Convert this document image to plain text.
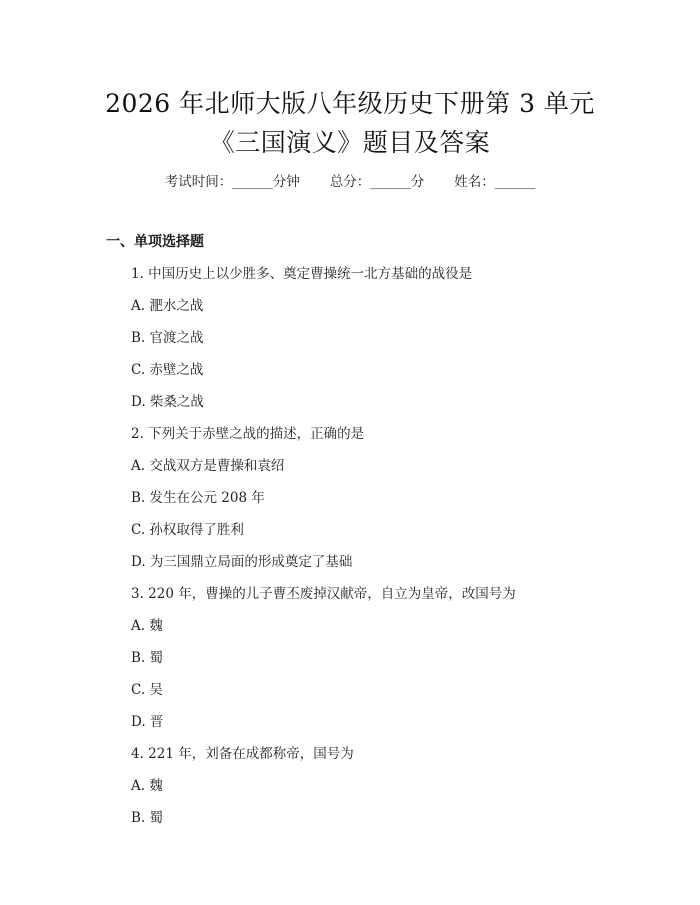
2026 年北师大版八年级历史下册第 3 单元
《三国演义》题目及答案
考试时间：______分钟 总分：______分 姓名：______
一、单项选择题
1. 中国历史上以少胜多、奠定曹操统一北方基础的战役是
A. 淝水之战
B. 官渡之战
C. 赤壁之战
D. 柴桑之战
2. 下列关于赤壁之战的描述，正确的是
A. 交战双方是曹操和袁绍
B. 发生在公元 208 年
C. 孙权取得了胜利
D. 为三国鼎立局面的形成奠定了基础
3. 220 年，曹操的儿子曹丕废掉汉献帝，自立为皇帝，改国号为
A. 魏
B. 蜀
C. 吴
D. 晋
4. 221 年，刘备在成都称帝，国号为
A. 魏
B. 蜀
